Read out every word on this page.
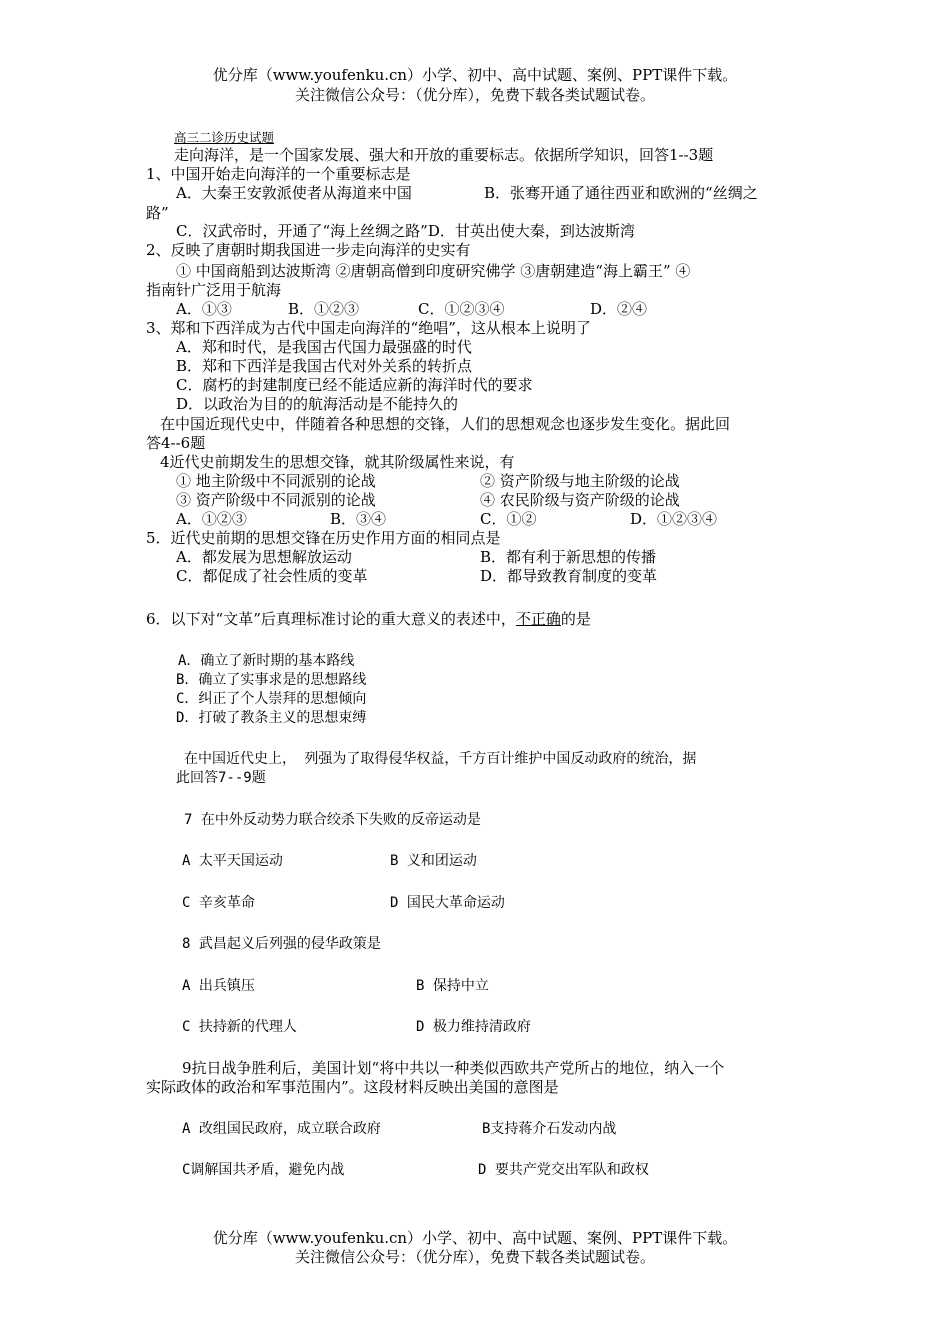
优分库（www.youfenku.cn）小学、初中、高中试题、案例、PPT课件下载。
关注微信公众号：（优分库），免费下载各类试题试卷。
高三二诊历史试题
走向海洋，是一个国家发展、强大和开放的重要标志。依据所学知识，回答1--3题
1、中国开始走向海洋的一个重要标志是
A．大秦王安敦派使者从海道来中国	B．张骞开通了通往西亚和欧洲的“丝绸之
路”
C．汉武帝时，开通了“海上丝绸之路”D．甘英出使大秦，到达波斯湾
2、反映了唐朝时期我国进一步走向海洋的史实有
① 中国商船到达波斯湾 ②唐朝高僧到印度研究佛学 ③唐朝建造“海上霸王” ④
指南针广泛用于航海
A．①③	B．①②③	C．①②③④	D．②④
3、郑和下西洋成为古代中国走向海洋的“绝唱”，这从根本上说明了
A．郑和时代，是我国古代国力最强盛的时代
B．郑和下西洋是我国古代对外关系的转折点
C．腐朽的封建制度已经不能适应新的海洋时代的要求
D．以政治为目的的航海活动是不能持久的
在中国近现代史中，伴随着各种思想的交锋，人们的思想观念也逐步发生变化。据此回
答4--6题
4近代史前期发生的思想交锋，就其阶级属性来说，有
① 地主阶级中不同派别的论战	② 资产阶级与地主阶级的论战
③ 资产阶级中不同派别的论战	④ 农民阶级与资产阶级的论战
A．①②③	B．③④	C．①②	D．①②③④
5．近代史前期的思想交锋在历史作用方面的相同点是
A．都发展为思想解放运动	B．都有利于新思想的传播
C．都促成了社会性质的变革	D．都导致教育制度的变革
6．以下对“文革”后真理标准讨论的重大意义的表述中，不正确的是
A．确立了新时期的基本路线
B．确立了实事求是的思想路线
C．纠正了个人崇拜的思想倾向
D．打破了教条主义的思想束缚
在中国近代史上， 列强为了取得侵华权益，千方百计维护中国反动政府的统治，据
此回答7--9题
7 在中外反动势力联合绞杀下失败的反帝运动是
A 太平天国运动	B 义和团运动
C 辛亥革命	D 国民大革命运动
8 武昌起义后列强的侵华政策是
A 出兵镇压	B 保持中立
C 扶持新的代理人	D 极力维持清政府
9抗日战争胜利后，美国计划“将中共以一种类似西欧共产党所占的地位，纳入一个
实际政体的政治和军事范围内”。这段材料反映出美国的意图是
A 改组国民政府，成立联合政府	B支持蒋介石发动内战
C调解国共矛盾，避免内战	D 要共产党交出军队和政权
优分库（www.youfenku.cn）小学、初中、高中试题、案例、PPT课件下载。
关注微信公众号：（优分库），免费下载各类试题试卷。
